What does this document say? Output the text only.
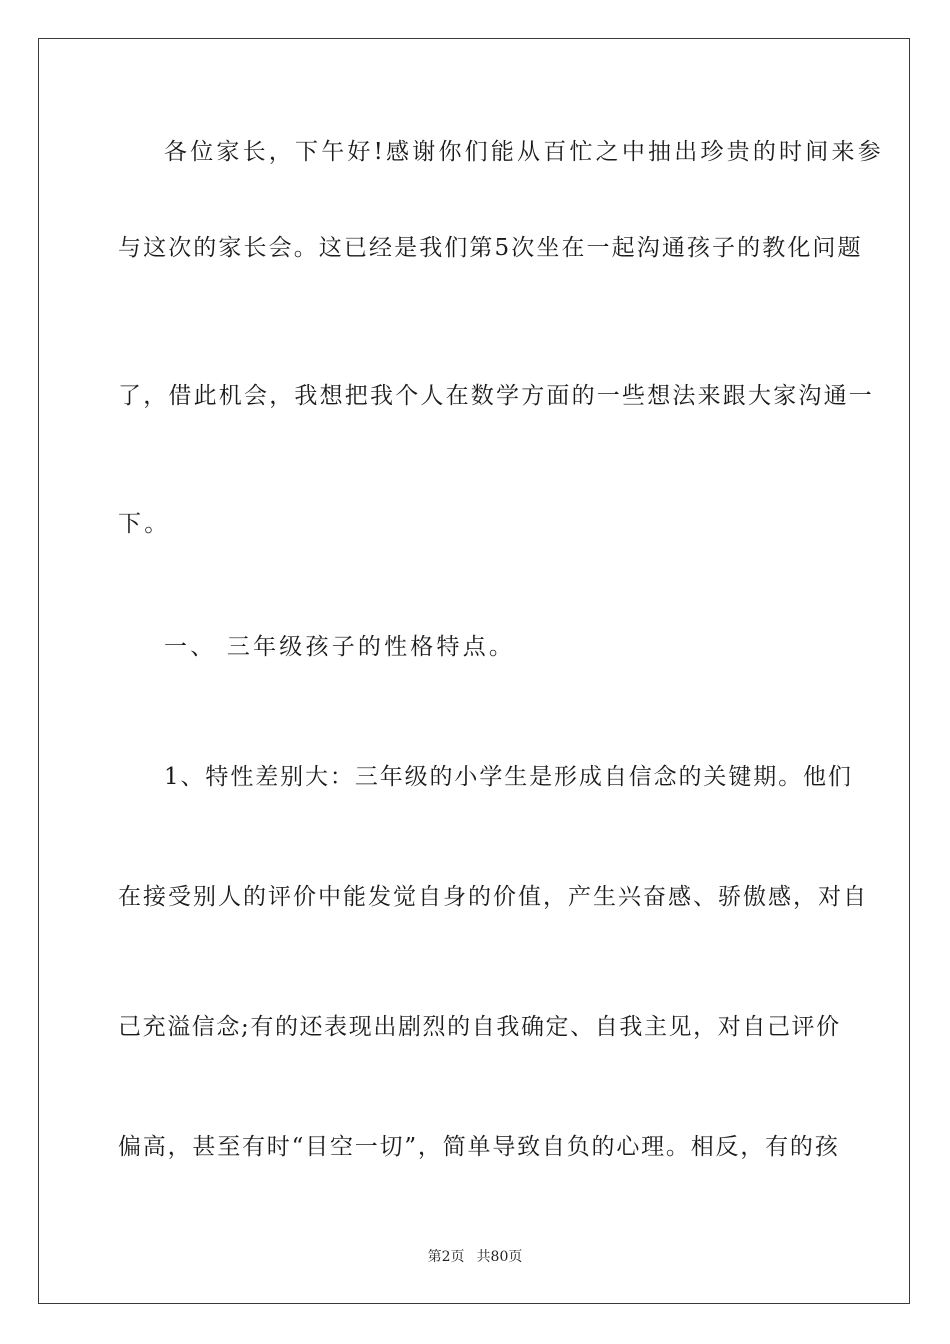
各位家长，下午好!感谢你们能从百忙之中抽出珍贵的时间来参
与这次的家长会。这已经是我们第5次坐在一起沟通孩子的教化问题
了，借此机会，我想把我个人在数学方面的一些想法来跟大家沟通一
下。
一、 三年级孩子的性格特点。
1、特性差别大：三年级的小学生是形成自信念的关键期。他们
在接受别人的评价中能发觉自身的价值，产生兴奋感、骄傲感，对自
己充溢信念;有的还表现出剧烈的自我确定、自我主见，对自己评价
偏高，甚至有时“目空一切”，简单导致自负的心理。相反，有的孩
第2页 共80页
